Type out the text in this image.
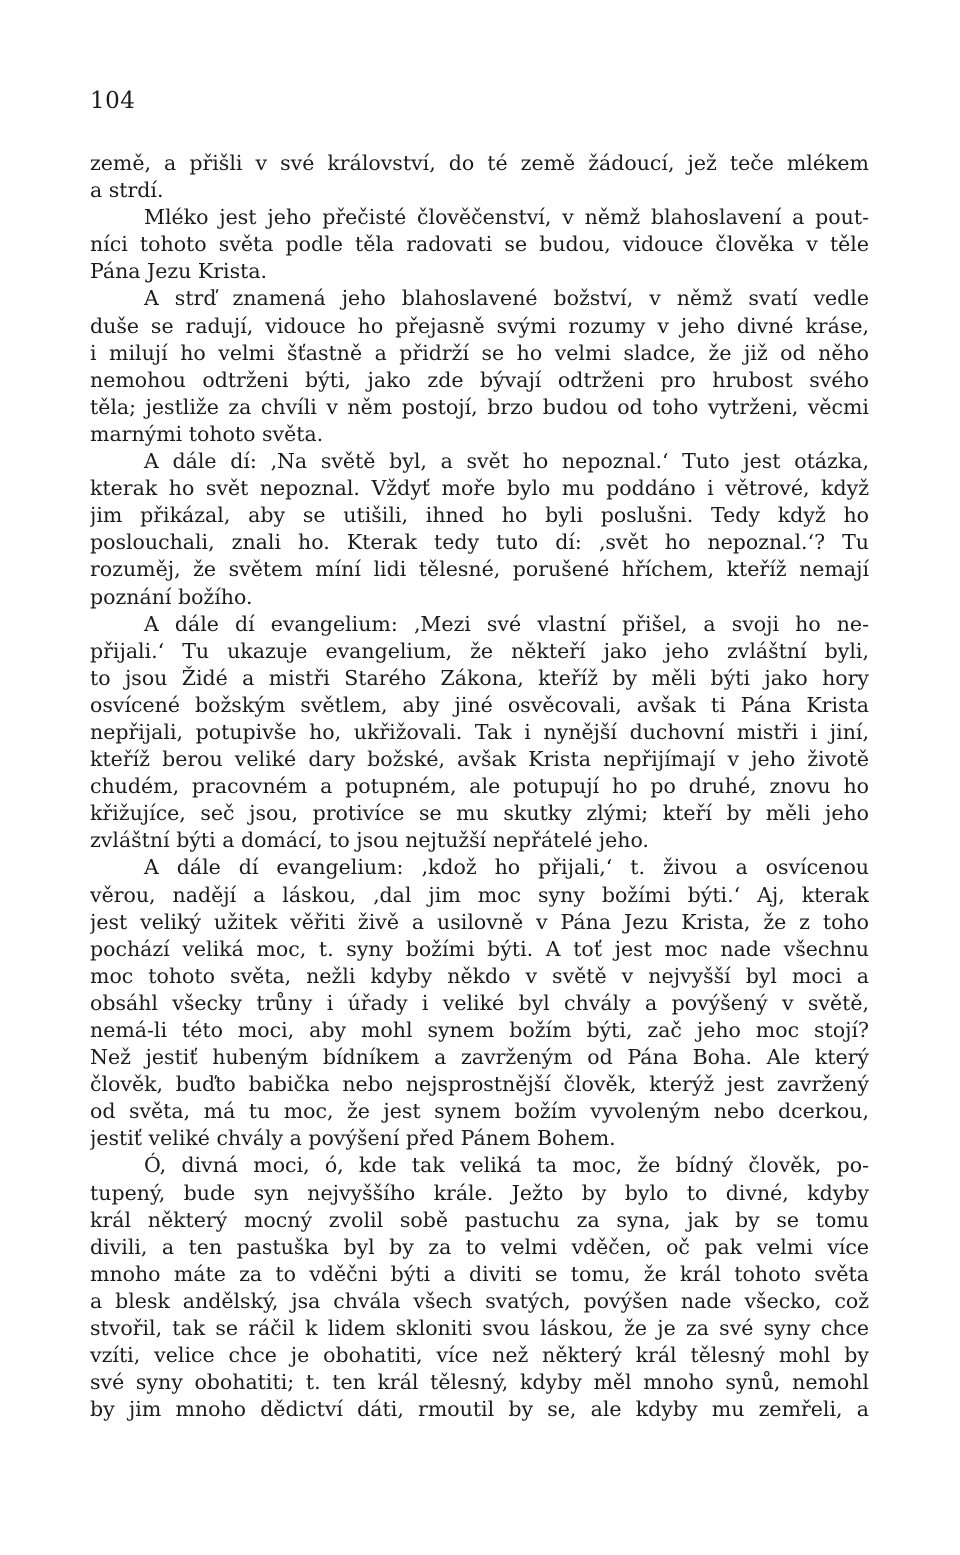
104
země, a přišli v své království, do té země žádoucí, jež teče mlékem
a strdí.
Mléko jest jeho přečisté člověčenství, v němž blahoslavení a pout-
níci tohoto světa podle těla radovati se budou, vidouce člověka v těle
Pána Jezu Krista.
A strď znamená jeho blahoslavené božství, v němž svatí vedle
duše se radují, vidouce ho přejasně svými rozumy v jeho divné kráse,
i milují ho velmi šťastně a přidrží se ho velmi sladce, že již od něho
nemohou odtrženi býti, jako zde bývají odtrženi pro hrubost svého
těla; jestliže za chvíli v něm postojí, brzo budou od toho vytrženi, věcmi
marnými tohoto světa.
A dále dí: ‚Na světě byl, a svět ho nepoznal.‘ Tuto jest otázka,
kterak ho svět nepoznal. Vždyť moře bylo mu poddáno i větrové, když
jim přikázal, aby se utišili, ihned ho byli poslušni. Tedy když ho
poslouchali, znali ho. Kterak tedy tuto dí: ‚svět ho nepoznal.‘? Tu
rozuměj, že světem míní lidi tělesné, porušené hříchem, kteříž nemají
poznání božího.
A dále dí evangelium: ‚Mezi své vlastní přišel, a svoji ho ne-
přijali.‘ Tu ukazuje evangelium, že někteří jako jeho zvláštní byli,
to jsou Židé a mistři Starého Zákona, kteříž by měli býti jako hory
osvícené božským světlem, aby jiné osvěcovali, avšak ti Pána Krista
nepřijali, potupivše ho, ukřižovali. Tak i nynější duchovní mistři i jiní,
kteříž berou veliké dary božské, avšak Krista nepřijímají v jeho životě
chudém, pracovném a potupném, ale potupují ho po druhé, znovu ho
křižujíce, seč jsou, protivíce se mu skutky zlými; kteří by měli jeho
zvláštní býti a domácí, to jsou nejtužší nepřátelé jeho.
A dále dí evangelium: ‚kdož ho přijali,‘ t. živou a osvícenou
věrou, nadějí a láskou, ‚dal jim moc syny božími býti.‘ Aj, kterak
jest veliký užitek věřiti živě a usilovně v Pána Jezu Krista, že z toho
pochází veliká moc, t. syny božími býti. A toť jest moc nade všechnu
moc tohoto světa, nežli kdyby někdo v světě v nejvyšší byl moci a
obsáhl všecky trůny i úřady i veliké byl chvály a povýšený v světě,
nemá-li této moci, aby mohl synem božím býti, zač jeho moc stojí?
Než jestiť hubeným bídníkem a zavrženým od Pána Boha. Ale který
člověk, buďto babička nebo nejsprostnější člověk, kterýž jest zavržený
od světa, má tu moc, že jest synem božím vyvoleným nebo dcerkou,
jestiť veliké chvály a povýšení před Pánem Bohem.
Ó, divná moci, ó, kde tak veliká ta moc, že bídný člověk, po-
tupený, bude syn nejvyššího krále. Ježto by bylo to divné, kdyby
král některý mocný zvolil sobě pastuchu za syna, jak by se tomu
divili, a ten pastuška byl by za to velmi vděčen, oč pak velmi více
mnoho máte za to vděčni býti a diviti se tomu, že král tohoto světa
a blesk andělský, jsa chvála všech svatých, povýšen nade všecko, což
stvořil, tak se ráčil k lidem skloniti svou láskou, že je za své syny chce
vzíti, velice chce je obohatiti, více než některý král tělesný mohl by
své syny obohatiti; t. ten král tělesný, kdyby měl mnoho synů, nemohl
by jim mnoho dědictví dáti, rmoutil by se, ale kdyby mu zemřeli, a
